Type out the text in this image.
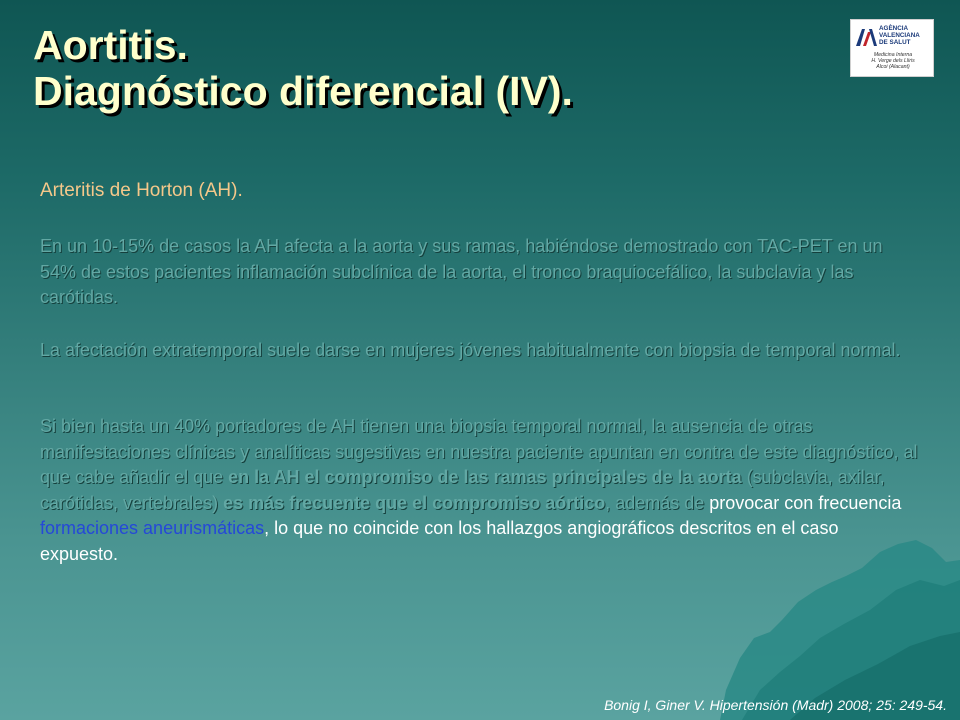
Aortitis.
Diagnóstico diferencial (IV).
AGÈNCIA
VALENCIANA
DE SALUT
Medicina Interna
H. Verge dels Lliris
Alcoi (Alacant)
Arteritis de Horton (AH).

En un 10-15% de casos la AH afecta a la aorta y sus ramas, habiéndose demostrado con TAC-PET en un 54% de estos pacientes inflamación subclínica de la aorta, el tronco braquiocefálico, la subclavia y las carótidas.

La afectación extratemporal suele darse en mujeres jóvenes habitualmente con biopsia de temporal normal.

Si bien hasta un 40% portadores de AH tienen una biopsia temporal normal, la ausencia de otras manifestaciones clínicas y analíticas sugestivas en nuestra paciente apuntan en contra de este diagnóstico, al que cabe añadir el que en la AH el compromiso de las ramas principales de la aorta (subclavia, axilar, carótidas, vertebrales) es más frecuente que el compromiso aórtico, además de provocar con frecuencia formaciones aneurismáticas, lo que no coincide con los hallazgos angiográficos descritos en el caso expuesto.

Bonig I, Giner V. Hipertensión (Madr) 2008; 25: 249-54.
